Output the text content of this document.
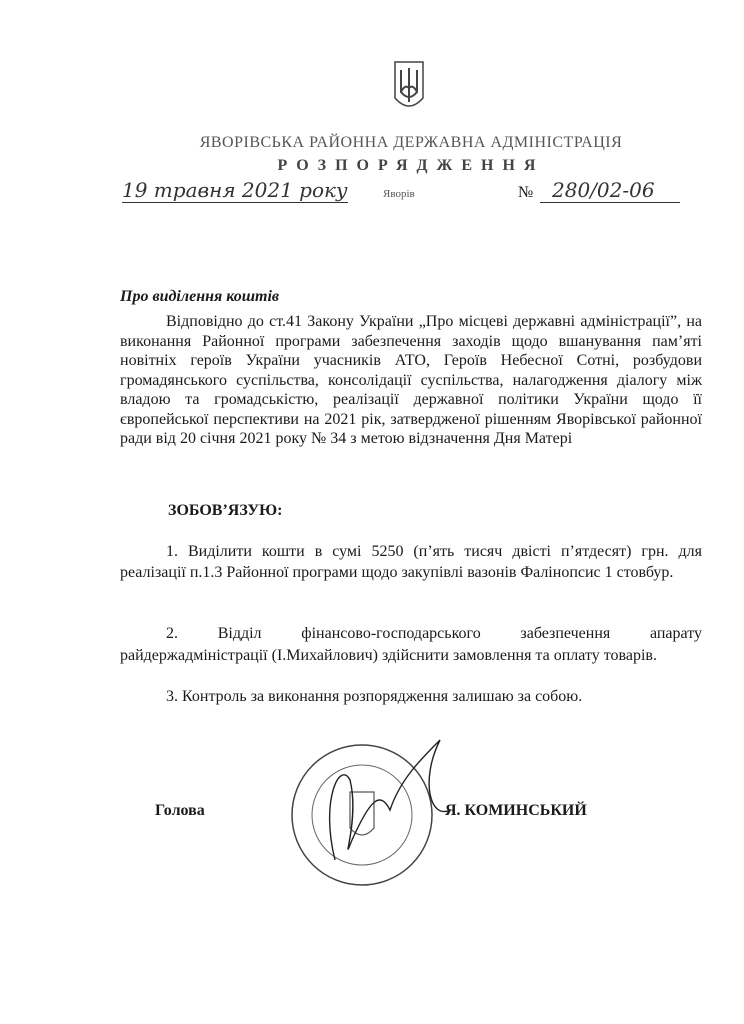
ЯВОРІВСЬКА РАЙОННА ДЕРЖАВНА АДМІНІСТРАЦІЯ
РОЗПОРЯДЖЕННЯ
19 травня 2021 року	Яворів	№ 280/02-06
Про виділення коштів
Відповідно до ст.41 Закону України „Про місцеві державні адміністрації”, на виконання Районної програми забезпечення заходів щодо вшанування пам’яті новітніх героїв України учасників АТО, Героїв Небесної Сотні, розбудови громадянського суспільства, консолідації суспільства, налагодження діалогу між владою та громадськістю, реалізації державної політики України щодо її європейської перспективи на 2021 рік, затвердженої рішенням Яворівської районної ради від 20 січня 2021 року № 34 з метою відзначення Дня Матері
ЗОБОВ’ЯЗУЮ:
1. Виділити кошти в сумі 5250 (п’ять тисяч двісті п’ятдесят) грн. для реалізації п.1.3 Районної програми щодо закупівлі вазонів Фалінопсис 1 стовбур.
2. Відділ фінансово-господарського забезпечення апарату райдержадміністрації (І.Михайлович) здійснити замовлення та оплату товарів.
3. Контроль за виконання розпорядження залишаю за собою.
Голова	Я. КОМИНСЬКИЙ
